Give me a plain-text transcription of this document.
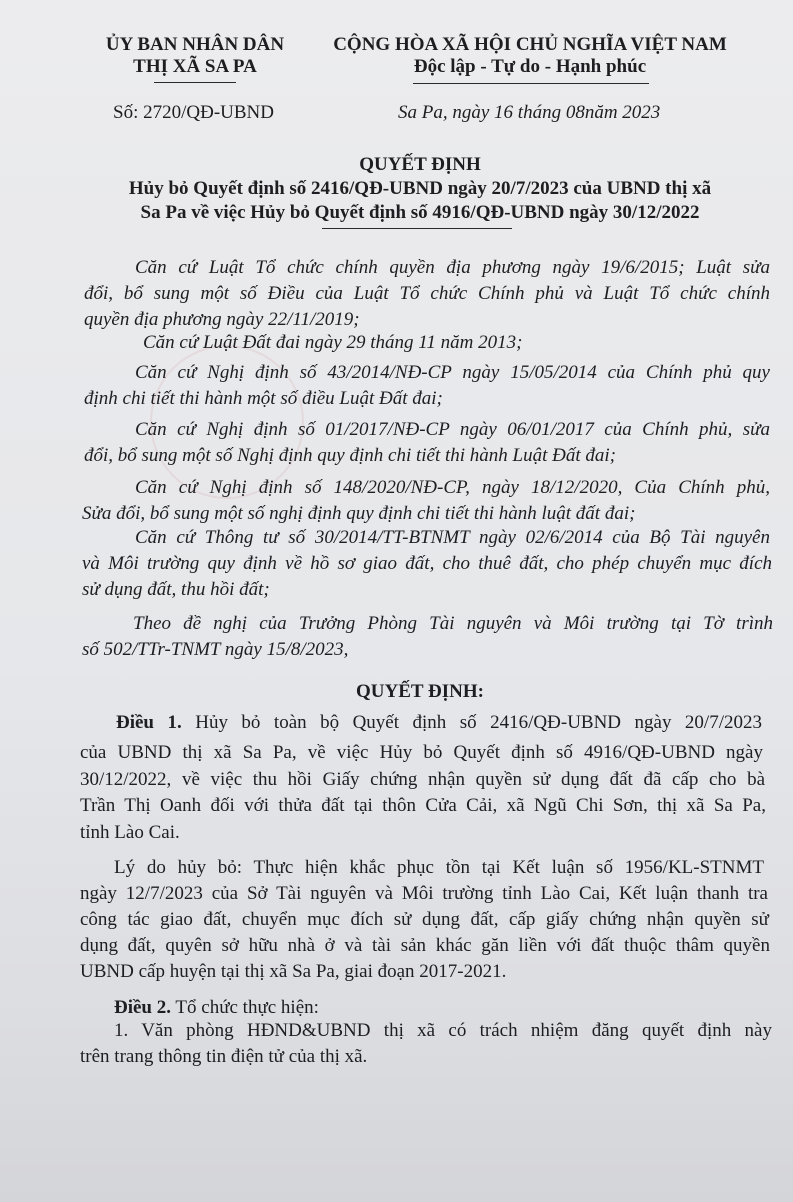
ỦY BAN NHÂN DÂN
THỊ XÃ SA PA
CỘNG HÒA XÃ HỘI CHỦ NGHĨA VIỆT NAM
Độc lập - Tự do - Hạnh phúc
Số: 2720/QĐ-UBND	Sa Pa, ngày 16 tháng 08năm 2023
QUYẾT ĐỊNH
Hủy bỏ Quyết định số 2416/QĐ-UBND ngày 20/7/2023 của UBND thị xã
Sa Pa về việc Hủy bỏ Quyết định số 4916/QĐ-UBND ngày 30/12/2022
Căn cứ Luật Tổ chức chính quyền địa phương ngày 19/6/2015; Luật sửa
đổi, bổ sung một số Điều của Luật Tổ chức Chính phủ và Luật Tổ chức chính
quyền địa phương ngày 22/11/2019;
Căn cứ Luật Đất đai ngày 29 tháng 11 năm 2013;
Căn cứ Nghị định số 43/2014/NĐ-CP ngày 15/05/2014 của Chính phủ quy
định chi tiết thi hành một số điều Luật Đất đai;
Căn cứ Nghị định số 01/2017/NĐ-CP ngày 06/01/2017 của Chính phủ, sửa
đổi, bổ sung một số Nghị định quy định chi tiết thi hành Luật Đất đai;
Căn cứ Nghị định số 148/2020/NĐ-CP, ngày 18/12/2020, Của Chính phủ,
Sửa đổi, bổ sung một số nghị định quy định chi tiết thi hành luật đất đai;
Căn cứ Thông tư số 30/2014/TT-BTNMT ngày 02/6/2014 của Bộ Tài nguyên
và Môi trường quy định về hồ sơ giao đất, cho thuê đất, cho phép chuyển mục đích
sử dụng đất, thu hồi đất;
Theo đề nghị của Trưởng Phòng Tài nguyên và Môi trường tại Tờ trình
số 502/TTr-TNMT ngày 15/8/2023,
QUYẾT ĐỊNH:
Điều 1. Hủy bỏ toàn bộ Quyết định số 2416/QĐ-UBND ngày 20/7/2023
của UBND thị xã Sa Pa, về việc Hủy bỏ Quyết định số 4916/QĐ-UBND ngày
30/12/2022, về việc thu hồi Giấy chứng nhận quyền sử dụng đất đã cấp cho bà
Trần Thị Oanh đối với thửa đất tại thôn Cửa Cải, xã Ngũ Chi Sơn, thị xã Sa Pa,
tỉnh Lào Cai.
Lý do hủy bỏ: Thực hiện khắc phục tồn tại Kết luận số 1956/KL-STNMT
ngày 12/7/2023 của Sở Tài nguyên và Môi trường tỉnh Lào Cai, Kết luận thanh tra
công tác giao đất, chuyển mục đích sử dụng đất, cấp giấy chứng nhận quyền sử
dụng đất, quyên sở hữu nhà ở và tài sản khác găn liền với đất thuộc thâm quyền
UBND cấp huyện tại thị xã Sa Pa, giai đoạn 2017-2021.
Điều 2. Tổ chức thực hiện:
1. Văn phòng HĐND&UBND thị xã có trách nhiệm đăng quyết định này
trên trang thông tin điện tử của thị xã.
